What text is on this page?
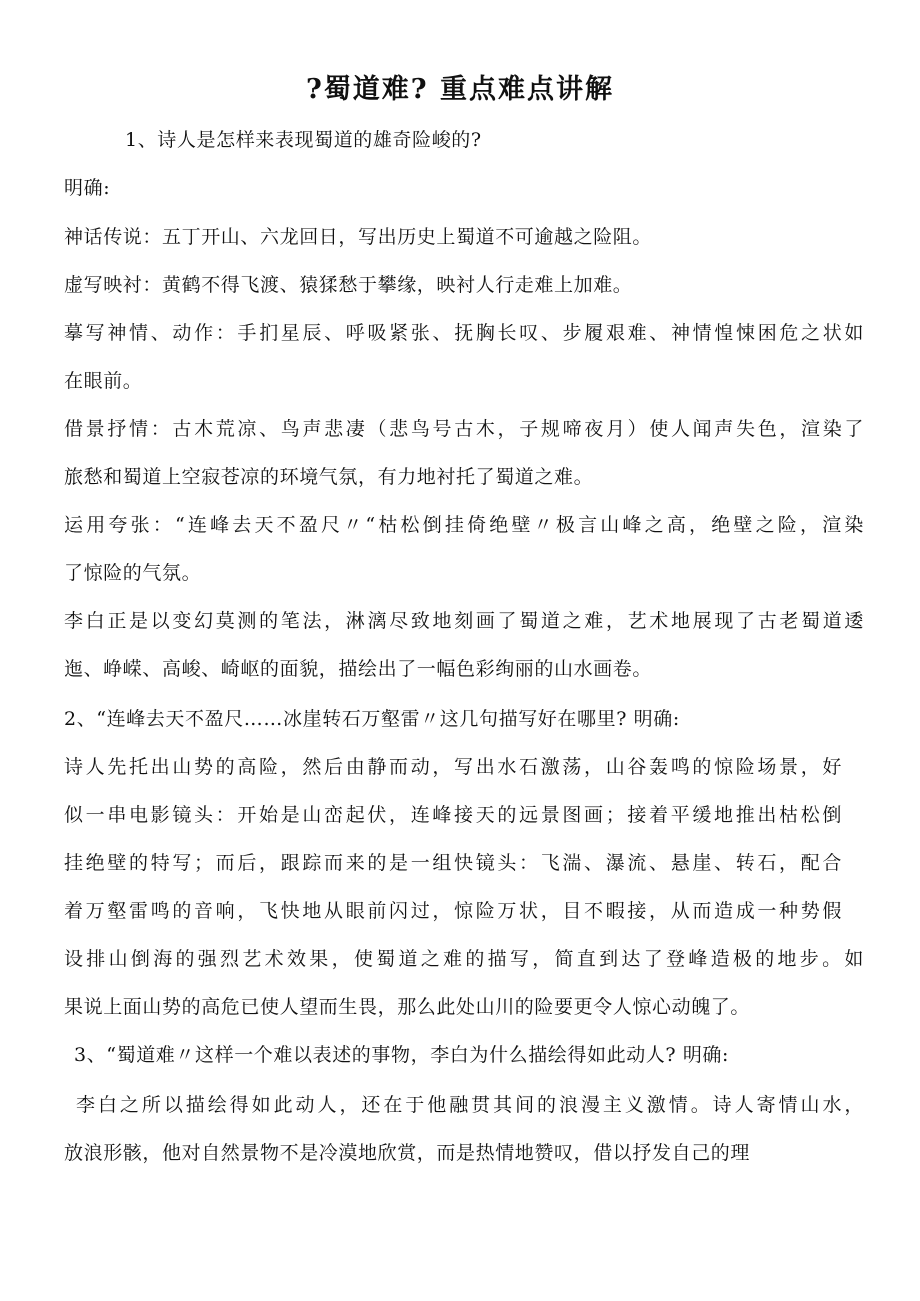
?蜀道难? 重点难点讲解
1、诗人是怎样来表现蜀道的雄奇险峻的?
明确:
神话传说：五丁开山、六龙回日，写出历史上蜀道不可逾越之险阻。
虚写映衬：黄鹤不得飞渡、猿猱愁于攀缘，映衬人行走难上加难。
摹写神情、动作：手扪星辰、呼吸紧张、抚胸长叹、步履艰难、神情惶悚困危之状如
在眼前。
借景抒情：古木荒凉、鸟声悲凄（悲鸟号古木，子规啼夜月）使人闻声失色，渲染了
旅愁和蜀道上空寂苍凉的环境气氛，有力地衬托了蜀道之难。
运用夸张：“连峰去天不盈尺〃“枯松倒挂倚绝壁〃极言山峰之高，绝壁之险，渲染
了惊险的气氛。
李白正是以变幻莫测的笔法，淋漓尽致地刻画了蜀道之难，艺术地展现了古老蜀道逶
迤、峥嵘、高峻、崎岖的面貌，描绘出了一幅色彩绚丽的山水画卷。
2、“连峰去天不盈尺……冰崖转石万壑雷〃这几句描写好在哪里? 明确:
诗人先托出山势的高险，然后由静而动，写出水石激荡，山谷轰鸣的惊险场景，好
似一串电影镜头：开始是山峦起伏，连峰接天的远景图画；接着平缓地推出枯松倒
挂绝壁的特写；而后，跟踪而来的是一组快镜头：飞湍、瀑流、悬崖、转石，配合
着万壑雷鸣的音响，飞快地从眼前闪过，惊险万状，目不暇接，从而造成一种势假
设排山倒海的强烈艺术效果，使蜀道之难的描写，简直到达了登峰造极的地步。如
果说上面山势的高危已使人望而生畏，那么此处山川的险要更令人惊心动魄了。
3、“蜀道难〃这样一个难以表述的事物，李白为什么描绘得如此动人? 明确:
李白之所以描绘得如此动人，还在于他融贯其间的浪漫主义激情。诗人寄情山水，
放浪形骸，他对自然景物不是冷漠地欣赏，而是热情地赞叹，借以抒发自己的理
